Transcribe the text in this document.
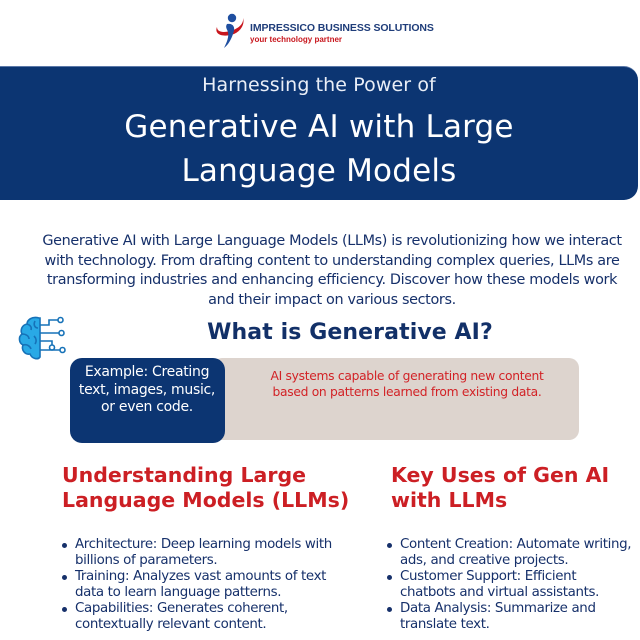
IMPRESSICO BUSINESS SOLUTIONS
your technology partner
Harnessing the Power of
Generative AI with Large
Language Models

Generative AI with Large Language Models (LLMs) is revolutionizing how we interact with technology. From drafting content to understanding complex queries, LLMs are transforming industries and enhancing efficiency. Discover how these models work and their impact on various sectors.

What is Generative AI?
AI systems capable of generating new content based on patterns learned from existing data.
Example: Creating text, images, music, or even code.
Understanding Large Language Models (LLMs)
Architecture: Deep learning models with billions of parameters.
Training: Analyzes vast amounts of text data to learn language patterns.
Capabilities: Generates coherent, contextually relevant content.
Key Uses of Gen AI with LLMs
Content Creation: Automate writing, ads, and creative projects.
Customer Support: Efficient chatbots and virtual assistants.
Data Analysis: Summarize and translate text.
